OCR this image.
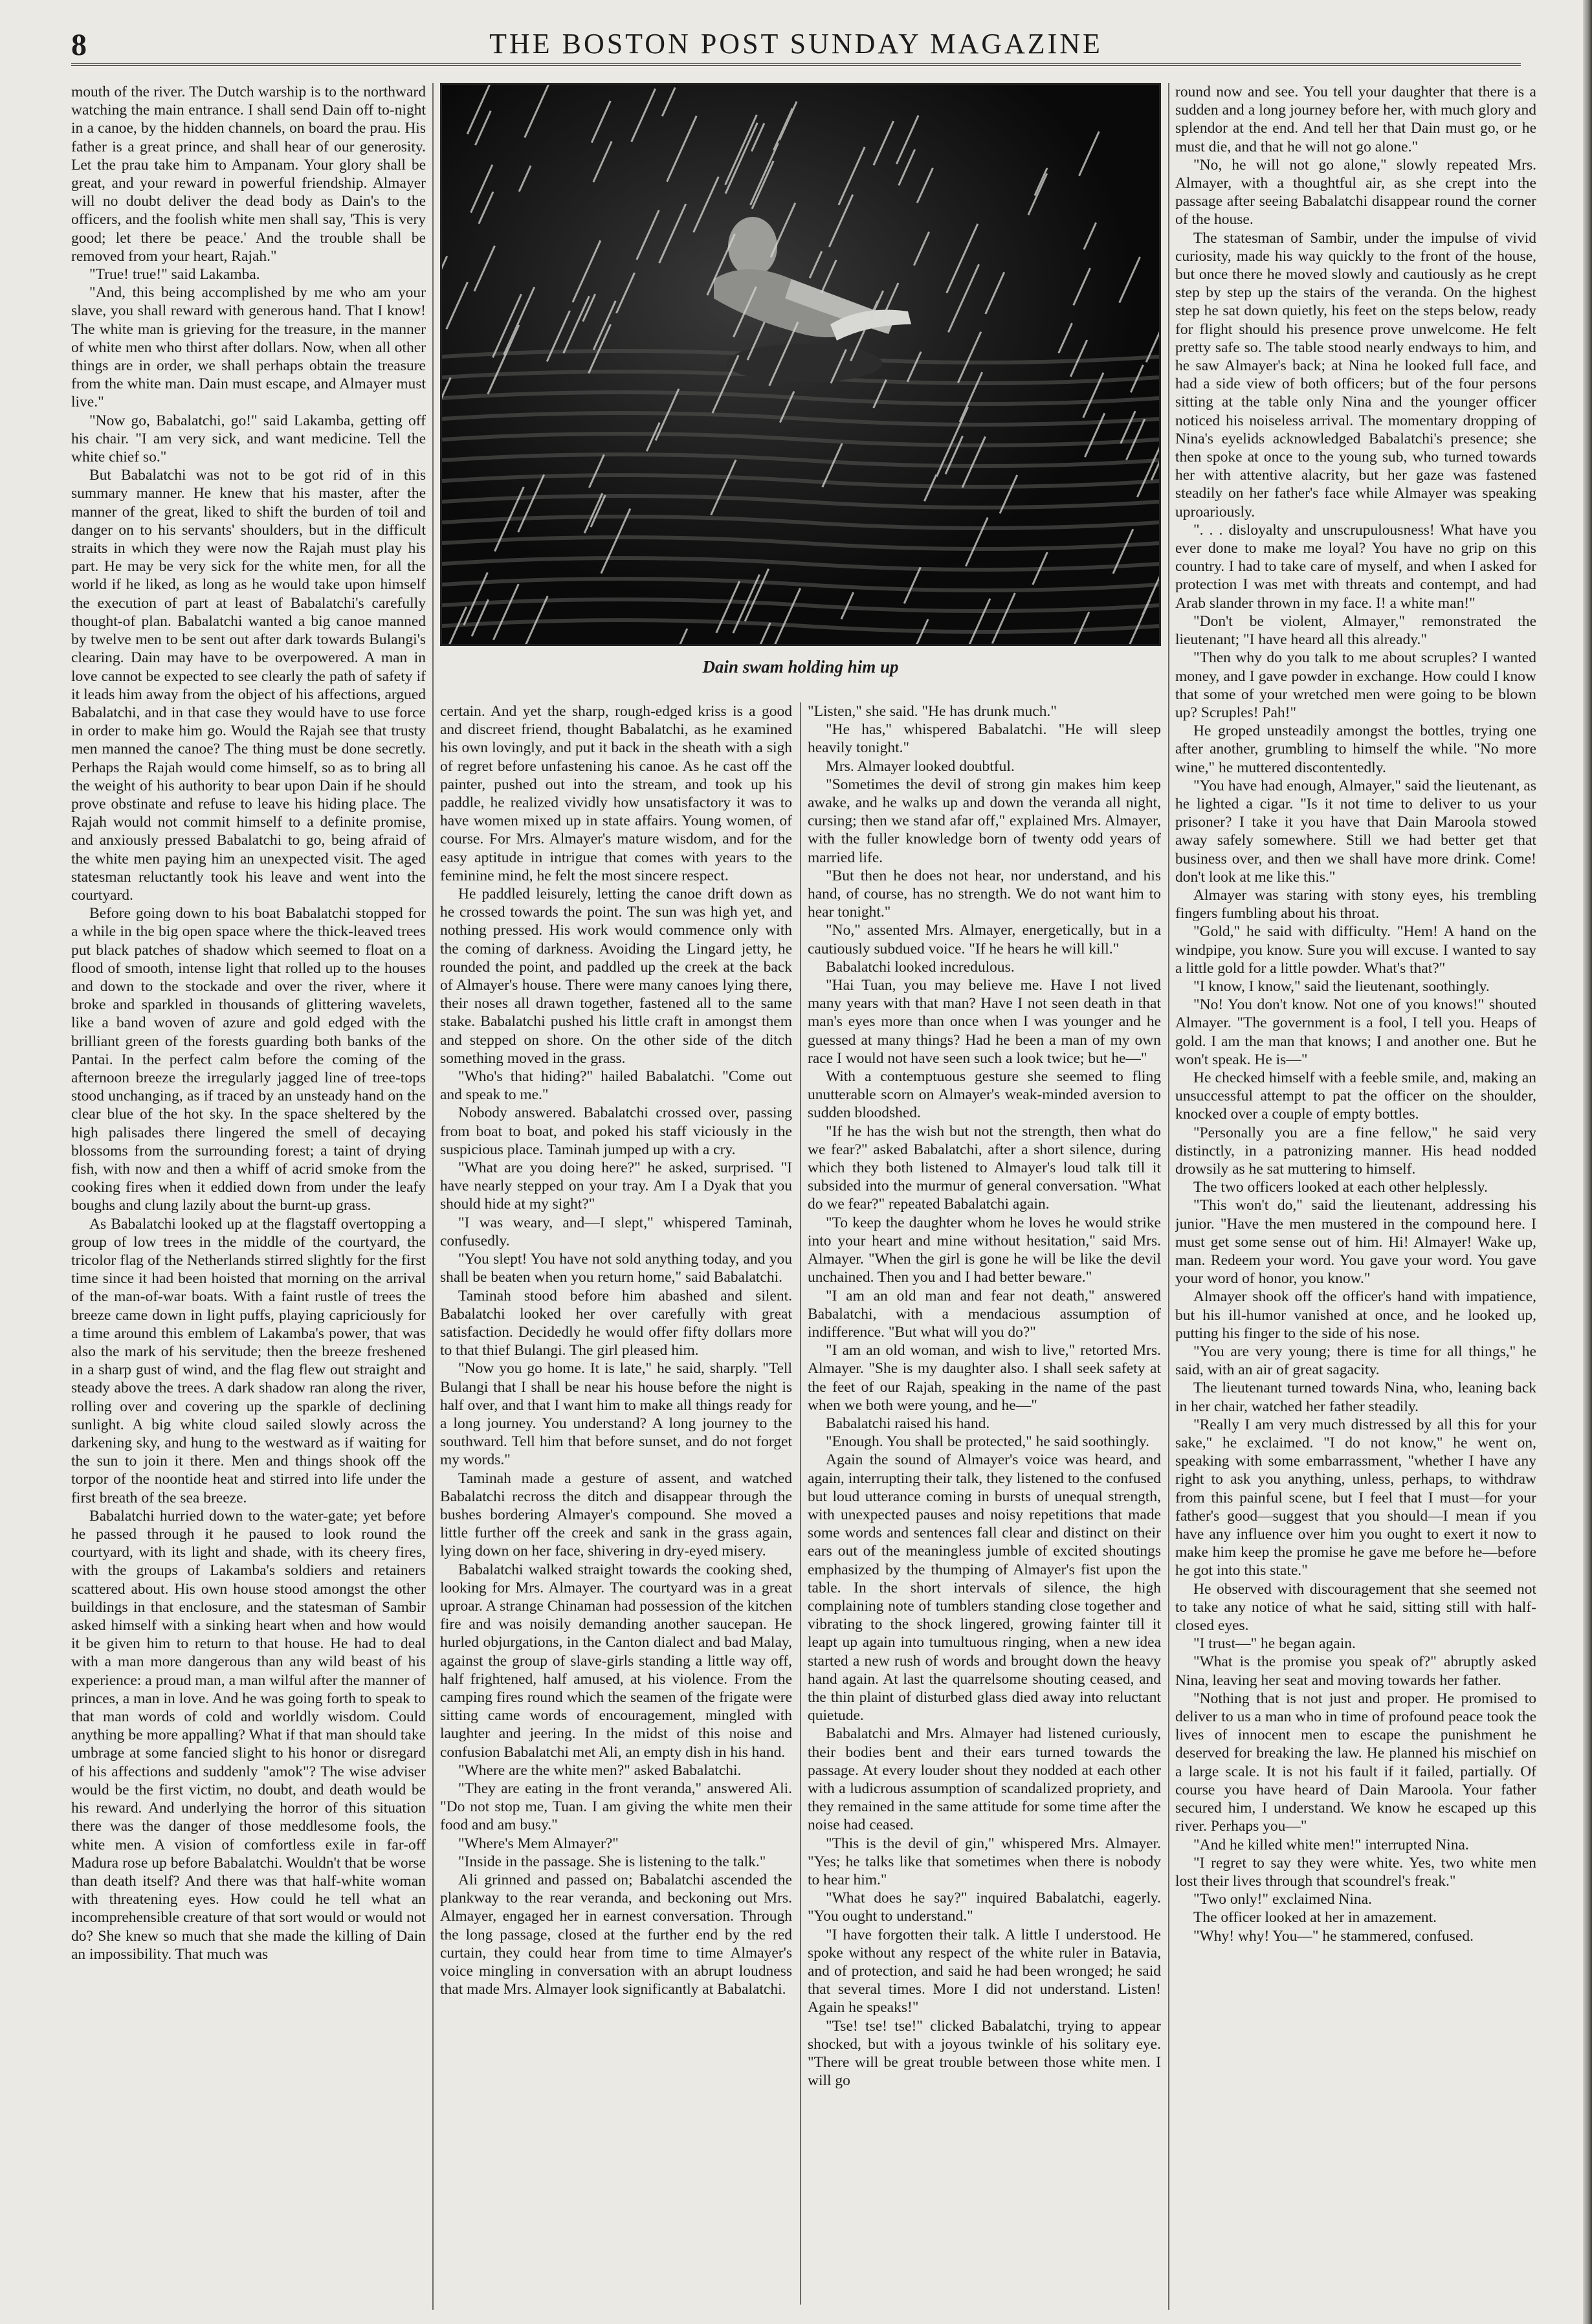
8	THE BOSTON POST SUNDAY MAGAZINE

mouth of the river. The Dutch warship is to the northward watching the main entrance. I shall send Dain off to-night in a canoe, by the hidden channels, on board the prau. His father is a great prince, and shall hear of our generosity. Let the prau take him to Ampanam. Your glory shall be great, and your reward in powerful friendship. Almayer will no doubt deliver the dead body as Dain's to the officers, and the foolish white men shall say, 'This is very good; let there be peace.' And the trouble shall be removed from your heart, Rajah."

"True! true!" said Lakamba.

"And, this being accomplished by me who am your slave, you shall reward with generous hand. That I know! The white man is grieving for the treasure, in the manner of white men who thirst after dollars. Now, when all other things are in order, we shall perhaps obtain the treasure from the white man. Dain must escape, and Almayer must live."

"Now go, Babalatchi, go!" said Lakamba, getting off his chair. "I am very sick, and want medicine. Tell the white chief so."

But Babalatchi was not to be got rid of in this summary manner. He knew that his master, after the manner of the great, liked to shift the burden of toil and danger on to his servants' shoulders, but in the difficult straits in which they were now the Rajah must play his part. He may be very sick for the white men, for all the world if he liked, as long as he would take upon himself the execution of part at least of Babalatchi's carefully thought-of plan. Babalatchi wanted a big canoe manned by twelve men to be sent out after dark towards Bulangi's clearing. Dain may have to be overpowered. A man in love cannot be expected to see clearly the path of safety if it leads him away from the object of his affections, argued Babalatchi, and in that case they would have to use force in order to make him go. Would the Rajah see that trusty men manned the canoe? The thing must be done secretly. Perhaps the Rajah would come himself, so as to bring all the weight of his authority to bear upon Dain if he should prove obstinate and refuse to leave his hiding place. The Rajah would not commit himself to a definite promise, and anxiously pressed Babalatchi to go, being afraid of the white men paying him an unexpected visit. The aged statesman reluctantly took his leave and went into the courtyard.

Before going down to his boat Babalatchi stopped for a while in the big open space where the thick-leaved trees put black patches of shadow which seemed to float on a flood of smooth, intense light that rolled up to the houses and down to the stockade and over the river, where it broke and sparkled in thousands of glittering wavelets, like a band woven of azure and gold edged with the brilliant green of the forests guarding both banks of the Pantai. In the perfect calm before the coming of the afternoon breeze the irregularly jagged line of tree-tops stood unchanging, as if traced by an unsteady hand on the clear blue of the hot sky. In the space sheltered by the high palisades there lingered the smell of decaying blossoms from the surrounding forest; a taint of drying fish, with now and then a whiff of acrid smoke from the cooking fires when it eddied down from under the leafy boughs and clung lazily about the burnt-up grass.

As Babalatchi looked up at the flagstaff overtopping a group of low trees in the middle of the courtyard, the tricolor flag of the Netherlands stirred slightly for the first time since it had been hoisted that morning on the arrival of the man-of-war boats. With a faint rustle of trees the breeze came down in light puffs, playing capriciously for a time around this emblem of Lakamba's power, that was also the mark of his servitude; then the breeze freshened in a sharp gust of wind, and the flag flew out straight and steady above the trees. A dark shadow ran along the river, rolling over and covering up the sparkle of declining sunlight. A big white cloud sailed slowly across the darkening sky, and hung to the westward as if waiting for the sun to join it there. Men and things shook off the torpor of the noontide heat and stirred into life under the first breath of the sea breeze.

Babalatchi hurried down to the water-gate; yet before he passed through it he paused to look round the courtyard, with its light and shade, with its cheery fires, with the groups of Lakamba's soldiers and retainers scattered about. His own house stood amongst the other buildings in that enclosure, and the statesman of Sambir asked himself with a sinking heart when and how would it be given him to return to that house. He had to deal with a man more dangerous than any wild beast of his experience: a proud man, a man wilful after the manner of princes, a man in love. And he was going forth to speak to that man words of cold and worldly wisdom. Could anything be more appalling? What if that man should take umbrage at some fancied slight to his honor or disregard of his affections and suddenly "amok"? The wise adviser would be the first victim, no doubt, and death would be his reward. And underlying the horror of this situation there was the danger of those meddlesome fools, the white men. A vision of comfortless exile in far-off Madura rose up before Babalatchi. Wouldn't that be worse than death itself? And there was that half-white woman with threatening eyes. How could he tell what an incomprehensible creature of that sort would or would not do? She knew so much that she made the killing of Dain an impossibility. That much was

Dain swam holding him up

certain. And yet the sharp, rough-edged kriss is a good and discreet friend, thought Babalatchi, as he examined his own lovingly, and put it back in the sheath with a sigh of regret before unfastening his canoe. As he cast off the painter, pushed out into the stream, and took up his paddle, he realized vividly how unsatisfactory it was to have women mixed up in state affairs. Young women, of course. For Mrs. Almayer's mature wisdom, and for the easy aptitude in intrigue that comes with years to the feminine mind, he felt the most sincere respect.

He paddled leisurely, letting the canoe drift down as he crossed towards the point. The sun was high yet, and nothing pressed. His work would commence only with the coming of darkness. Avoiding the Lingard jetty, he rounded the point, and paddled up the creek at the back of Almayer's house. There were many canoes lying there, their noses all drawn together, fastened all to the same stake. Babalatchi pushed his little craft in amongst them and stepped on shore. On the other side of the ditch something moved in the grass.

"Who's that hiding?" hailed Babalatchi. "Come out and speak to me."

Nobody answered. Babalatchi crossed over, passing from boat to boat, and poked his staff viciously in the suspicious place. Taminah jumped up with a cry.

"What are you doing here?" he asked, surprised. "I have nearly stepped on your tray. Am I a Dyak that you should hide at my sight?"

"I was weary, and—I slept," whispered Taminah, confusedly.

"You slept! You have not sold anything today, and you shall be beaten when you return home," said Babalatchi.

Taminah stood before him abashed and silent. Babalatchi looked her over carefully with great satisfaction. Decidedly he would offer fifty dollars more to that thief Bulangi. The girl pleased him.

"Now you go home. It is late," he said, sharply. "Tell Bulangi that I shall be near his house before the night is half over, and that I want him to make all things ready for a long journey. You understand? A long journey to the southward. Tell him that before sunset, and do not forget my words."

Taminah made a gesture of assent, and watched Babalatchi recross the ditch and disappear through the bushes bordering Almayer's compound. She moved a little further off the creek and sank in the grass again, lying down on her face, shivering in dry-eyed misery.

Babalatchi walked straight towards the cooking shed, looking for Mrs. Almayer. The courtyard was in a great uproar. A strange Chinaman had possession of the kitchen fire and was noisily demanding another saucepan. He hurled objurgations, in the Canton dialect and bad Malay, against the group of slave-girls standing a little way off, half frightened, half amused, at his violence. From the camping fires round which the seamen of the frigate were sitting came words of encouragement, mingled with laughter and jeering. In the midst of this noise and confusion Babalatchi met Ali, an empty dish in his hand.

"Where are the white men?" asked Babalatchi.

"They are eating in the front veranda," answered Ali. "Do not stop me, Tuan. I am giving the white men their food and am busy."

"Where's Mem Almayer?"

"Inside in the passage. She is listening to the talk."

Ali grinned and passed on; Babalatchi ascended the plankway to the rear veranda, and beckoning out Mrs. Almayer, engaged her in earnest conversation. Through the long passage, closed at the further end by the red curtain, they could hear from time to time Almayer's voice mingling in conversation with an abrupt loudness that made Mrs. Almayer look significantly at Babalatchi.

"Listen," she said. "He has drunk much."

"He has," whispered Babalatchi. "He will sleep heavily tonight."

Mrs. Almayer looked doubtful.

"Sometimes the devil of strong gin makes him keep awake, and he walks up and down the veranda all night, cursing; then we stand afar off," explained Mrs. Almayer, with the fuller knowledge born of twenty odd years of married life.

"But then he does not hear, nor understand, and his hand, of course, has no strength. We do not want him to hear tonight."

"No," assented Mrs. Almayer, energetically, but in a cautiously subdued voice. "If he hears he will kill."

Babalatchi looked incredulous.

"Hai Tuan, you may believe me. Have I not lived many years with that man? Have I not seen death in that man's eyes more than once when I was younger and he guessed at many things? Had he been a man of my own race I would not have seen such a look twice; but he—"

With a contemptuous gesture she seemed to fling unutterable scorn on Almayer's weak-minded aversion to sudden bloodshed.

"If he has the wish but not the strength, then what do we fear?" asked Babalatchi, after a short silence, during which they both listened to Almayer's loud talk till it subsided into the murmur of general conversation. "What do we fear?" repeated Babalatchi again.

"To keep the daughter whom he loves he would strike into your heart and mine without hesitation," said Mrs. Almayer. "When the girl is gone he will be like the devil unchained. Then you and I had better beware."

"I am an old man and fear not death," answered Babalatchi, with a mendacious assumption of indifference. "But what will you do?"

"I am an old woman, and wish to live," retorted Mrs. Almayer. "She is my daughter also. I shall seek safety at the feet of our Rajah, speaking in the name of the past when we both were young, and he—"

Babalatchi raised his hand.

"Enough. You shall be protected," he said soothingly.

Again the sound of Almayer's voice was heard, and again, interrupting their talk, they listened to the confused but loud utterance coming in bursts of unequal strength, with unexpected pauses and noisy repetitions that made some words and sentences fall clear and distinct on their ears out of the meaningless jumble of excited shoutings emphasized by the thumping of Almayer's fist upon the table. In the short intervals of silence, the high complaining note of tumblers standing close together and vibrating to the shock lingered, growing fainter till it leapt up again into tumultuous ringing, when a new idea started a new rush of words and brought down the heavy hand again. At last the quarrelsome shouting ceased, and the thin plaint of disturbed glass died away into reluctant quietude.

Babalatchi and Mrs. Almayer had listened curiously, their bodies bent and their ears turned towards the passage. At every louder shout they nodded at each other with a ludicrous assumption of scandalized propriety, and they remained in the same attitude for some time after the noise had ceased.

"This is the devil of gin," whispered Mrs. Almayer. "Yes; he talks like that sometimes when there is nobody to hear him."

"What does he say?" inquired Babalatchi, eagerly. "You ought to understand."

"I have forgotten their talk. A little I understood. He spoke without any respect of the white ruler in Batavia, and of protection, and said he had been wronged; he said that several times. More I did not understand. Listen! Again he speaks!"

"Tse! tse! tse!" clicked Babalatchi, trying to appear shocked, but with a joyous twinkle of his solitary eye. "There will be great trouble between those white men. I will go

round now and see. You tell your daughter that there is a sudden and a long journey before her, with much glory and splendor at the end. And tell her that Dain must go, or he must die, and that he will not go alone."

"No, he will not go alone," slowly repeated Mrs. Almayer, with a thoughtful air, as she crept into the passage after seeing Babalatchi disappear round the corner of the house.

The statesman of Sambir, under the impulse of vivid curiosity, made his way quickly to the front of the house, but once there he moved slowly and cautiously as he crept step by step up the stairs of the veranda. On the highest step he sat down quietly, his feet on the steps below, ready for flight should his presence prove unwelcome. He felt pretty safe so. The table stood nearly endways to him, and he saw Almayer's back; at Nina he looked full face, and had a side view of both officers; but of the four persons sitting at the table only Nina and the younger officer noticed his noiseless arrival. The momentary dropping of Nina's eyelids acknowledged Babalatchi's presence; she then spoke at once to the young sub, who turned towards her with attentive alacrity, but her gaze was fastened steadily on her father's face while Almayer was speaking uproariously.

". . . disloyalty and unscrupulousness! What have you ever done to make me loyal? You have no grip on this country. I had to take care of myself, and when I asked for protection I was met with threats and contempt, and had Arab slander thrown in my face. I! a white man!"

"Don't be violent, Almayer," remonstrated the lieutenant; "I have heard all this already."

"Then why do you talk to me about scruples? I wanted money, and I gave powder in exchange. How could I know that some of your wretched men were going to be blown up? Scruples! Pah!"

He groped unsteadily amongst the bottles, trying one after another, grumbling to himself the while. "No more wine," he muttered discontentedly.

"You have had enough, Almayer," said the lieutenant, as he lighted a cigar. "Is it not time to deliver to us your prisoner? I take it you have that Dain Maroola stowed away safely somewhere. Still we had better get that business over, and then we shall have more drink. Come! don't look at me like this."

Almayer was staring with stony eyes, his trembling fingers fumbling about his throat.

"Gold," he said with difficulty. "Hem! A hand on the windpipe, you know. Sure you will excuse. I wanted to say a little gold for a little powder. What's that?"

"I know, I know," said the lieutenant, soothingly.

"No! You don't know. Not one of you knows!" shouted Almayer. "The government is a fool, I tell you. Heaps of gold. I am the man that knows; I and another one. But he won't speak. He is—"

He checked himself with a feeble smile, and, making an unsuccessful attempt to pat the officer on the shoulder, knocked over a couple of empty bottles.

"Personally you are a fine fellow," he said very distinctly, in a patronizing manner. His head nodded drowsily as he sat muttering to himself.

The two officers looked at each other helplessly.

"This won't do," said the lieutenant, addressing his junior. "Have the men mustered in the compound here. I must get some sense out of him. Hi! Almayer! Wake up, man. Redeem your word. You gave your word. You gave your word of honor, you know."

Almayer shook off the officer's hand with impatience, but his ill-humor vanished at once, and he looked up, putting his finger to the side of his nose.

"You are very young; there is time for all things," he said, with an air of great sagacity.

The lieutenant turned towards Nina, who, leaning back in her chair, watched her father steadily.

"Really I am very much distressed by all this for your sake," he exclaimed. "I do not know," he went on, speaking with some embarrassment, "whether I have any right to ask you anything, unless, perhaps, to withdraw from this painful scene, but I feel that I must—for your father's good—suggest that you should—I mean if you have any influence over him you ought to exert it now to make him keep the promise he gave me before he—before he got into this state."

He observed with discouragement that she seemed not to take any notice of what he said, sitting still with half-closed eyes.

"I trust—" he began again.

"What is the promise you speak of?" abruptly asked Nina, leaving her seat and moving towards her father.

"Nothing that is not just and proper. He promised to deliver to us a man who in time of profound peace took the lives of innocent men to escape the punishment he deserved for breaking the law. He planned his mischief on a large scale. It is not his fault if it failed, partially. Of course you have heard of Dain Maroola. Your father secured him, I understand. We know he escaped up this river. Perhaps you—"

"And he killed white men!" interrupted Nina.

"I regret to say they were white. Yes, two white men lost their lives through that scoundrel's freak."

"Two only!" exclaimed Nina.

The officer looked at her in amazement.

"Why! why! You—" he stammered, confused.
